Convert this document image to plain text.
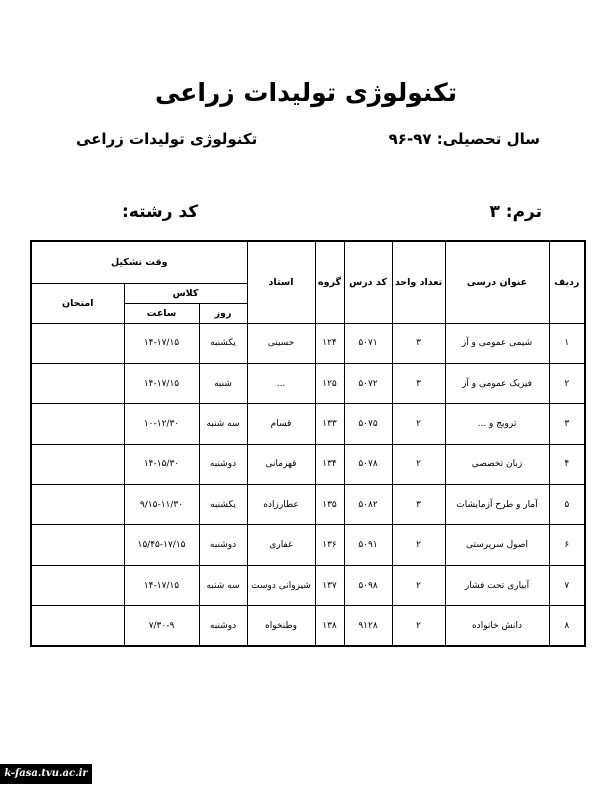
تکنولوژی تولیدات زراعی
سال تحصیلی: ۹۷-۹۶
تکنولوژی تولیدات زراعی
ترم: ۳
کد رشته:
ردیف	عنوان درسی	تعداد واحد	کد درس	گروه	استاد	وقت تشکیل		
						کلاس		امتحان
						روز	ساعت	
۱	شیمی عمومی و آز	۳	۵۰۷۱	۱۲۴	حسینی	یکشنبه	۱۴-۱۷/۱۵	
۲	فیزیک عمومی و آز	۳	۵۰۷۲	۱۲۵	...	شنبه	۱۴-۱۷/۱۵	
۳	ترویج و ...	۲	۵۰۷۵	۱۳۳	قسام	سه شنبه	۱۰-۱۲/۳۰	
۴	زبان تخصصی	۲	۵۰۷۸	۱۳۴	قهرمانی	دوشنبه	۱۴-۱۵/۳۰	
۵	آمار و طرح آزمایشات	۳	۵۰۸۲	۱۳۵	عطارزاده	یکشنبه	۹/۱۵-۱۱/۳۰	
۶	اصول سرپرستی	۲	۵۰۹۱	۱۳۶	غفاری	دوشنبه	۱۵/۴۵-۱۷/۱۵	
۷	آبیاری تحت فشار	۲	۵۰۹۸	۱۳۷	شیروانی دوست	سه شنبه	۱۴-۱۷/۱۵	
۸	دانش خانواده	۲	۹۱۲۸	۱۳۸	وطنخواه	دوشنبه	۷/۳۰-۹	
k-fasa.tvu.ac.ir
